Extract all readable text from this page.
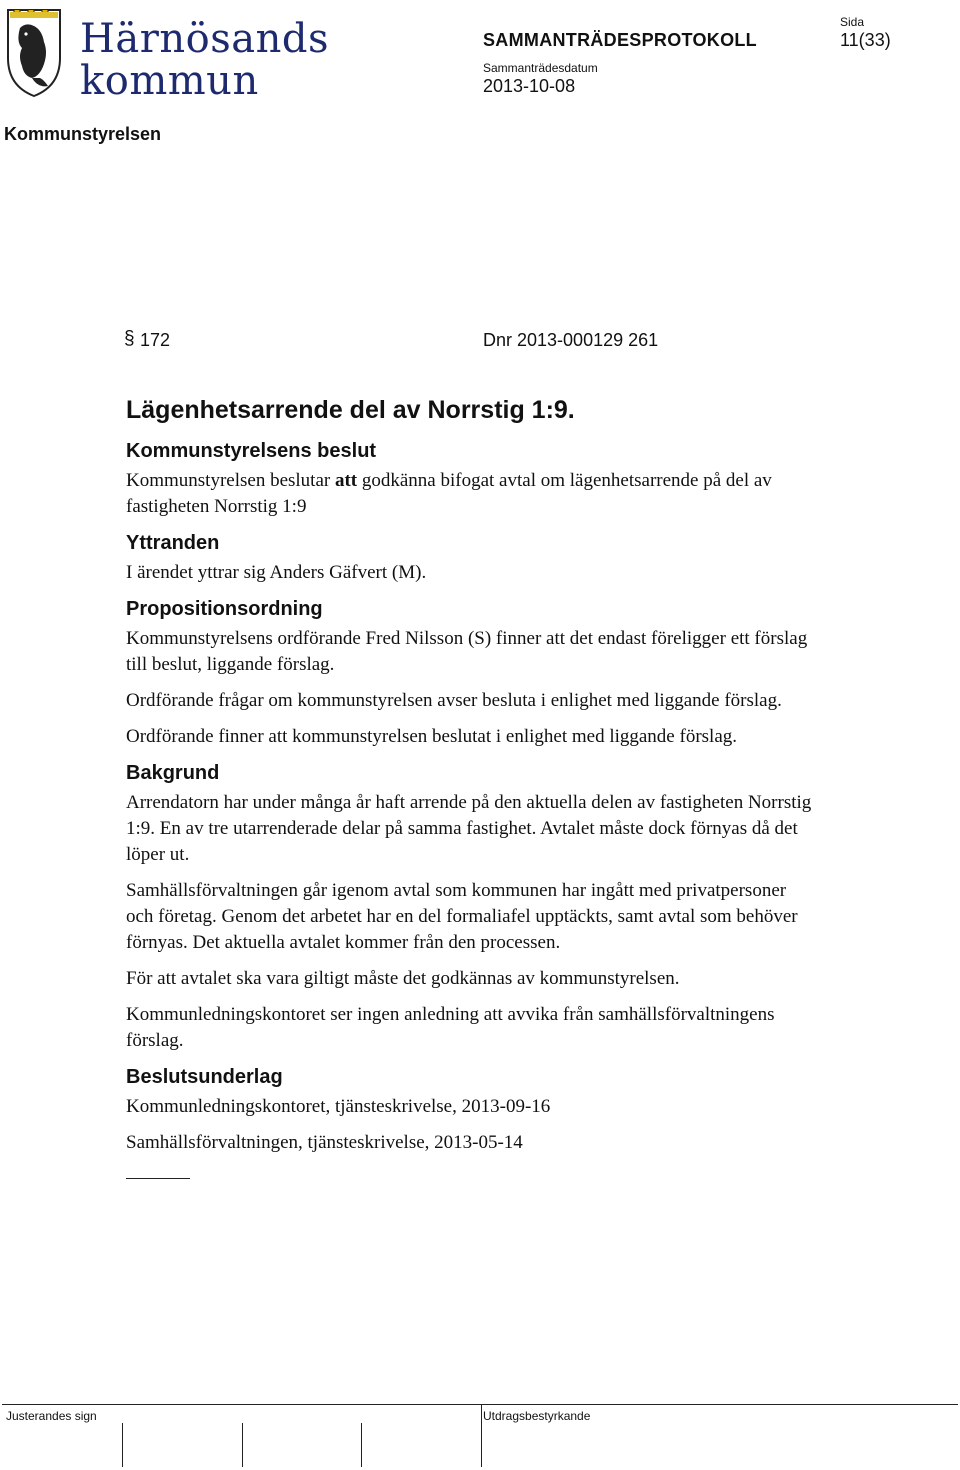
Härnösands
kommun
SAMMANTRÄDESPROTOKOLL
Sammanträdesdatum
2013-10-08
Sida
11(33)
Kommunstyrelsen
§ 172	Dnr 2013-000129 261
Lägenhetsarrende del av Norrstig 1:9.
Kommunstyrelsens beslut

Kommunstyrelsen beslutar att godkänna bifogat avtal om lägenhetsarrende på del av fastigheten Norrstig 1:9

Yttranden

I ärendet yttrar sig Anders Gäfvert (M).

Propositionsordning

Kommunstyrelsens ordförande Fred Nilsson (S) finner att det endast föreligger ett förslag till beslut, liggande förslag.

Ordförande frågar om kommunstyrelsen avser besluta i enlighet med liggande förslag.

Ordförande finner att kommunstyrelsen beslutat i enlighet med liggande förslag.

Bakgrund

Arrendatorn har under många år haft arrende på den aktuella delen av fastigheten Norrstig 1:9. En av tre utarrenderade delar på samma fastighet. Avtalet måste dock förnyas då det löper ut.

Samhällsförvaltningen går igenom avtal som kommunen har ingått med privatpersoner och företag. Genom det arbetet har en del formaliafel upptäckts, samt avtal som behöver förnyas. Det aktuella avtalet kommer från den processen.

För att avtalet ska vara giltigt måste det godkännas av kommunstyrelsen.

Kommunledningskontoret ser ingen anledning att avvika från samhällsförvaltningens förslag.

Beslutsunderlag

Kommunledningskontoret, tjänsteskrivelse, 2013-09-16

Samhällsförvaltningen, tjänsteskrivelse, 2013-05-14

Justerandes sign	Utdragsbestyrkande
